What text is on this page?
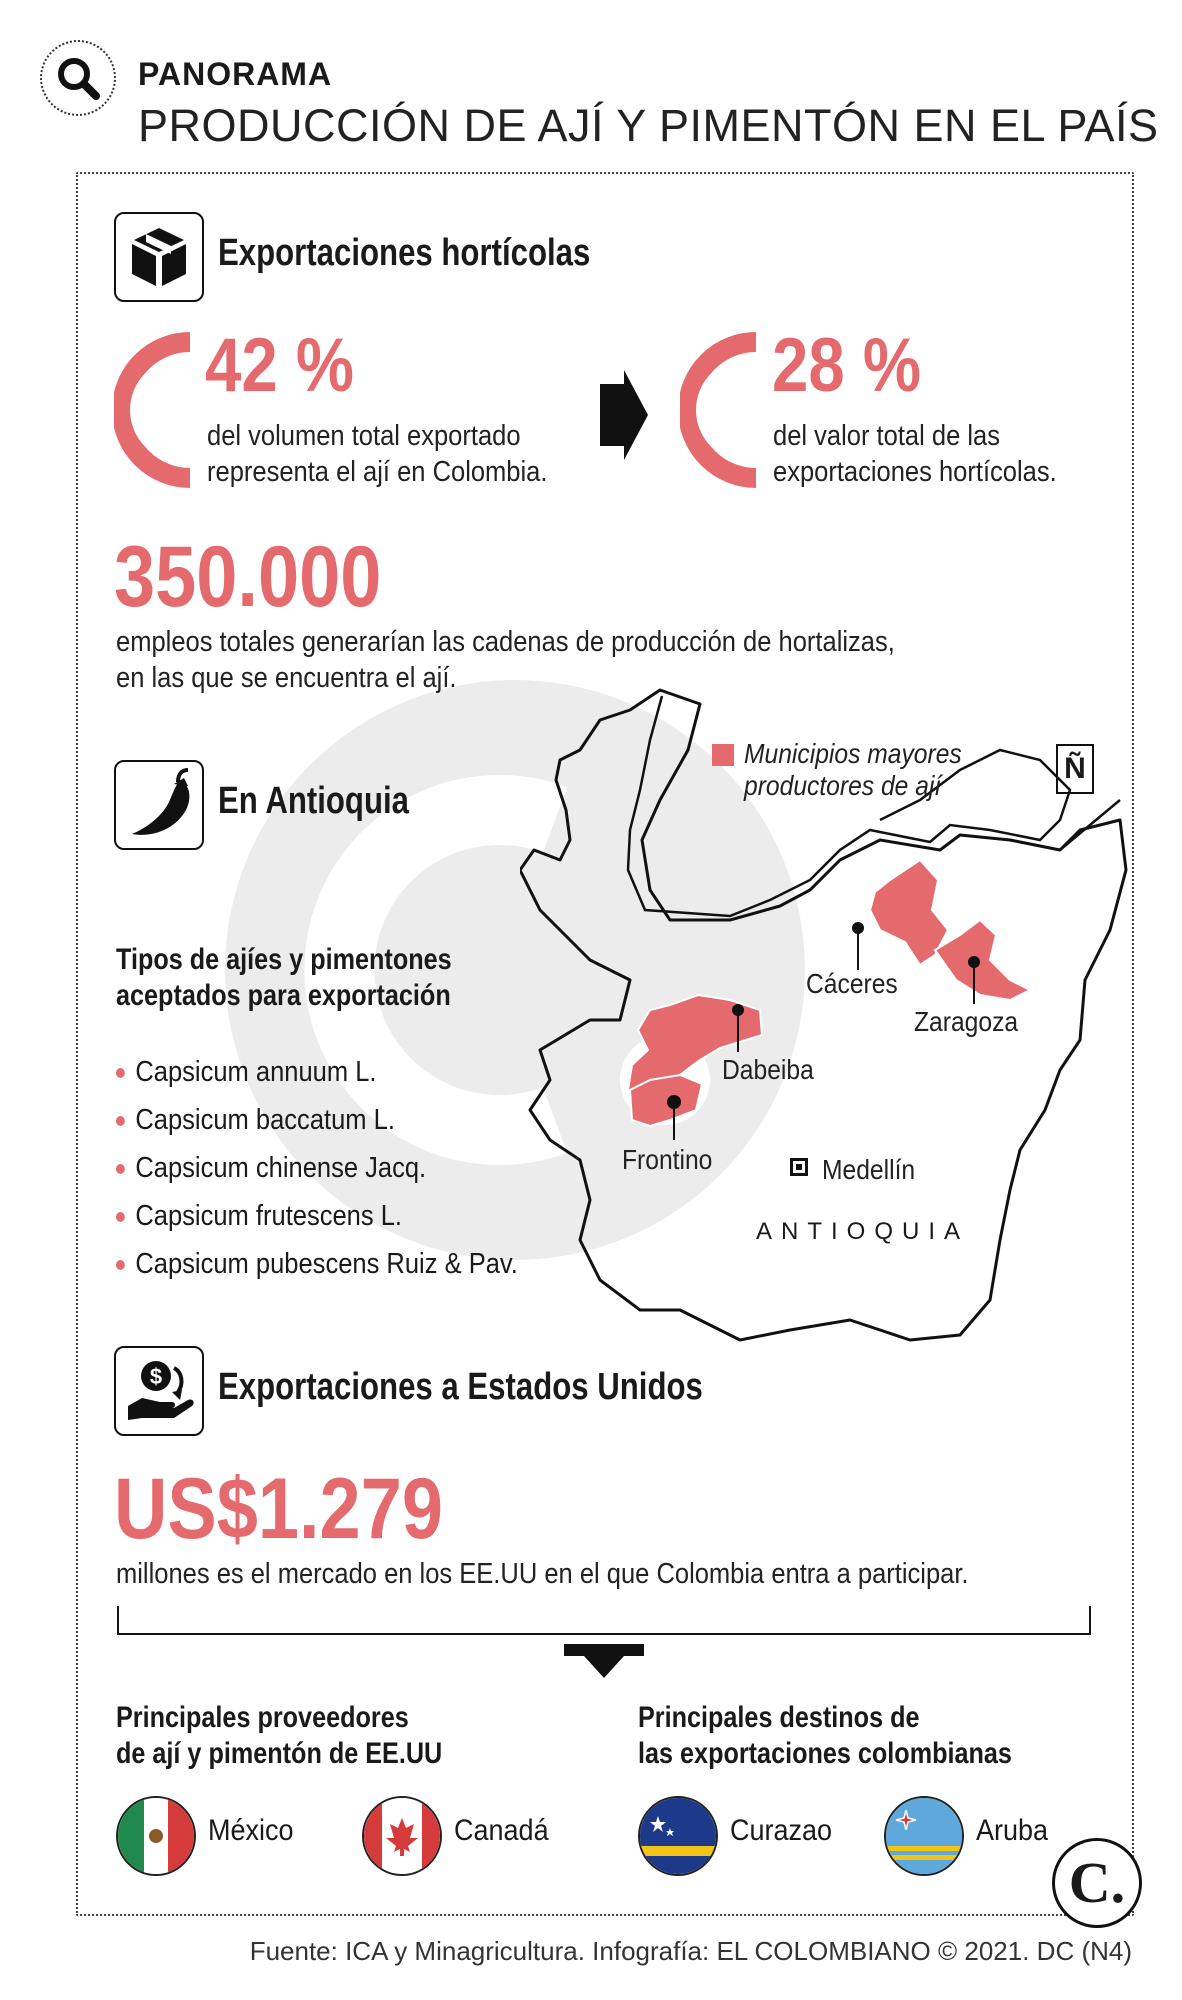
PANORAMA
PRODUCCIÓN DE AJÍ Y PIMENTÓN EN EL PAÍS
Exportaciones hortícolas
42 %
del volumen total exportado
representa el ají en Colombia.
28 %
del valor total de las
exportaciones hortícolas.
350.000
empleos totales generarían las cadenas de producción de hortalizas,
en las que se encuentra el ají.
Cáceres
Zaragoza
Dabeiba
Frontino	Medellín
ANTIOQUIA
Municipios mayores
productores de ají
Ñ
En Antioquia
Tipos de ajíes y pimentones
aceptados para exportación
Capsicum annuum L.
Capsicum baccatum L.
Capsicum chinense Jacq.
Capsicum frutescens L.
Capsicum pubescens Ruiz & Pav.
$ Exportaciones a Estados Unidos
US$1.279
millones es el mercado en los EE.UU en el que Colombia entra a participar.
Principales proveedores
de ají y pimentón de EE.UU
Principales destinos de
las exportaciones colombianas
México	Canadá	Curazao	Aruba
C.
Fuente: ICA y Minagricultura. Infografía: EL COLOMBIANO © 2021. DC (N4)
